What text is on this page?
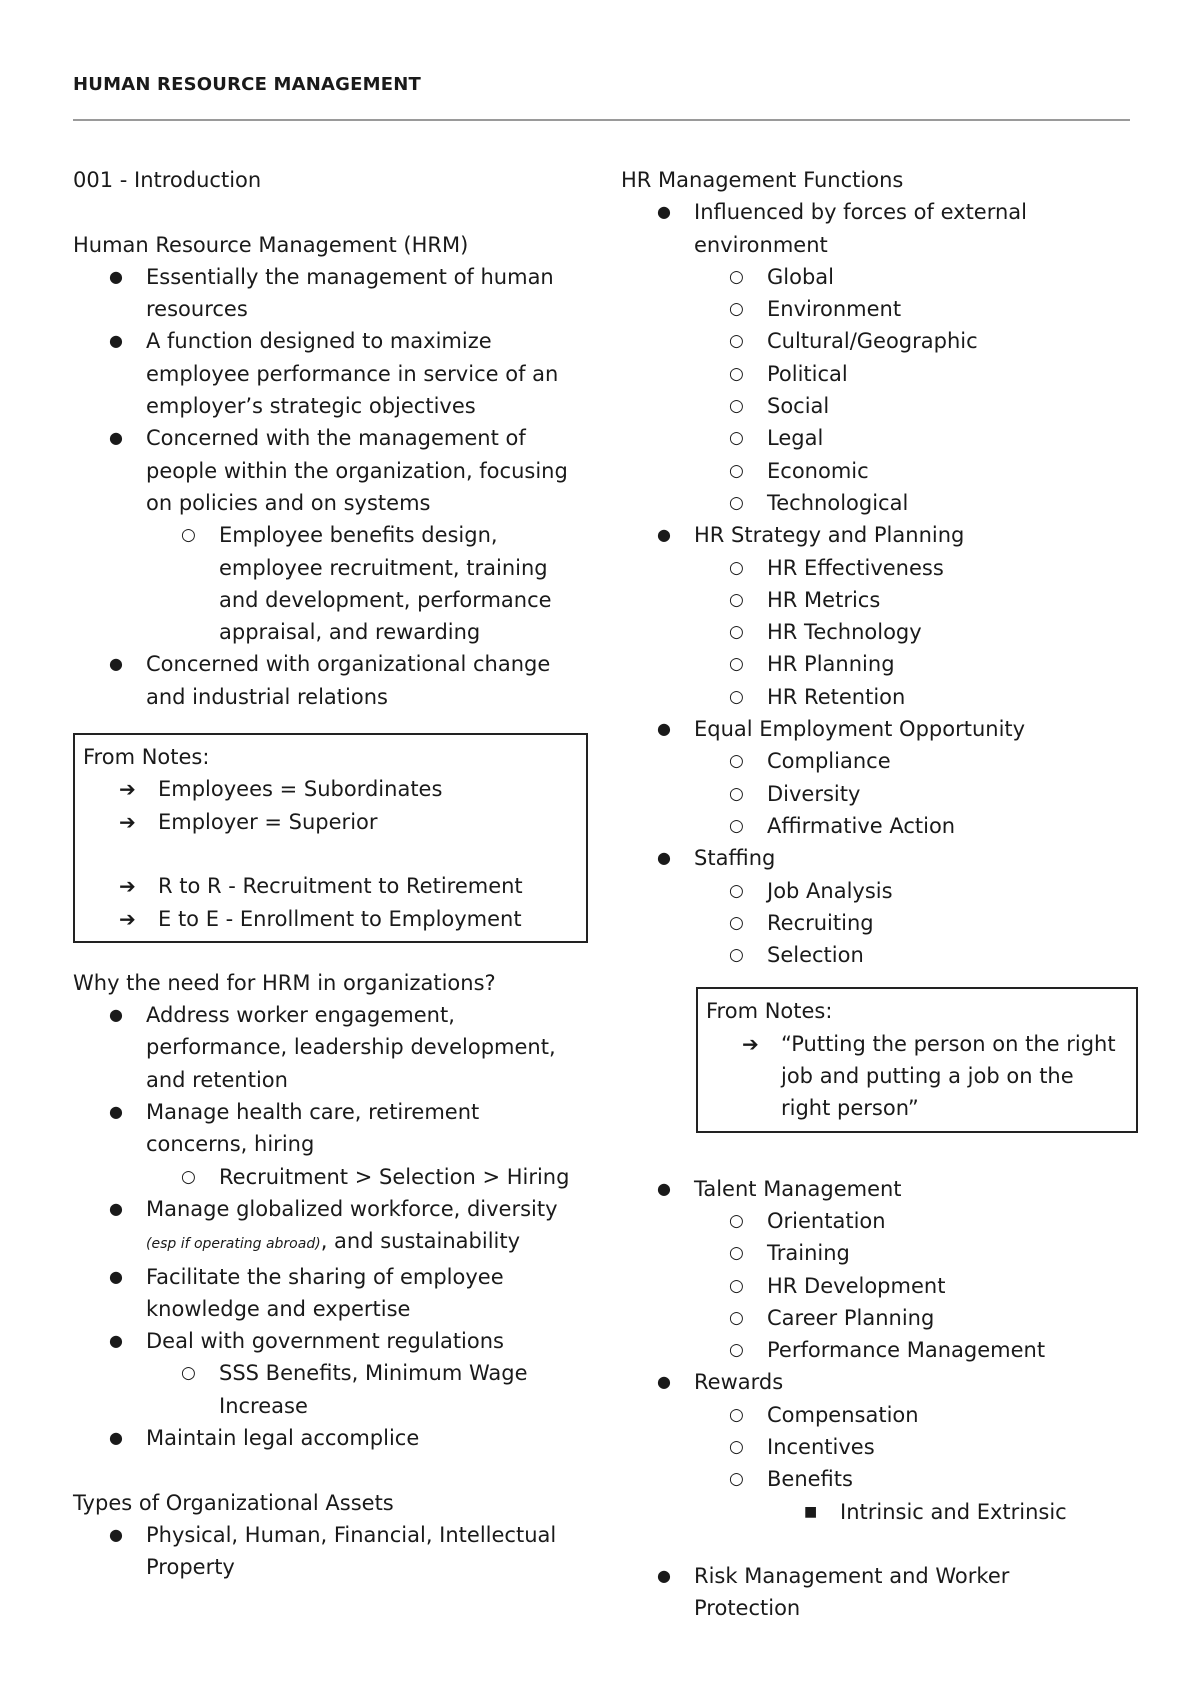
HUMAN RESOURCE MANAGEMENT
001 - Introduction
Human Resource Management (HRM)
● Essentially the management of human
resources
● A function designed to maximize
employee performance in service of an
employer’s strategic objectives
● Concerned with the management of
people within the organization, focusing
on policies and on systems
○ Employee benefits design,
employee recruitment, training
and development, performance
appraisal, and rewarding
● Concerned with organizational change
and industrial relations
From Notes:
➔ Employees = Subordinates
➔ Employer = Superior
➔ R to R - Recruitment to Retirement
➔ E to E - Enrollment to Employment
Why the need for HRM in organizations?
● Address worker engagement,
performance, leadership development,
and retention
● Manage health care, retirement
concerns, hiring
○ Recruitment > Selection > Hiring
● Manage globalized workforce, diversity
(esp if operating abroad), and sustainability
● Facilitate the sharing of employee
knowledge and expertise
● Deal with government regulations
○ SSS Benefits, Minimum Wage
Increase
● Maintain legal accomplice
Types of Organizational Assets
● Physical, Human, Financial, Intellectual
Property
HR Management Functions
● Influenced by forces of external
environment
○ Global
○ Environment
○ Cultural/Geographic
○ Political
○ Social
○ Legal
○ Economic
○ Technological
● HR Strategy and Planning
○ HR Effectiveness
○ HR Metrics
○ HR Technology
○ HR Planning
○ HR Retention
● Equal Employment Opportunity
○ Compliance
○ Diversity
○ Affirmative Action
● Staffing
○ Job Analysis
○ Recruiting
○ Selection
From Notes:
➔ “Putting the person on the right
job and putting a job on the
right person”
● Talent Management
○ Orientation
○ Training
○ HR Development
○ Career Planning
○ Performance Management
● Rewards
○ Compensation
○ Incentives
○ Benefits
■ Intrinsic and Extrinsic
● Risk Management and Worker
Protection
